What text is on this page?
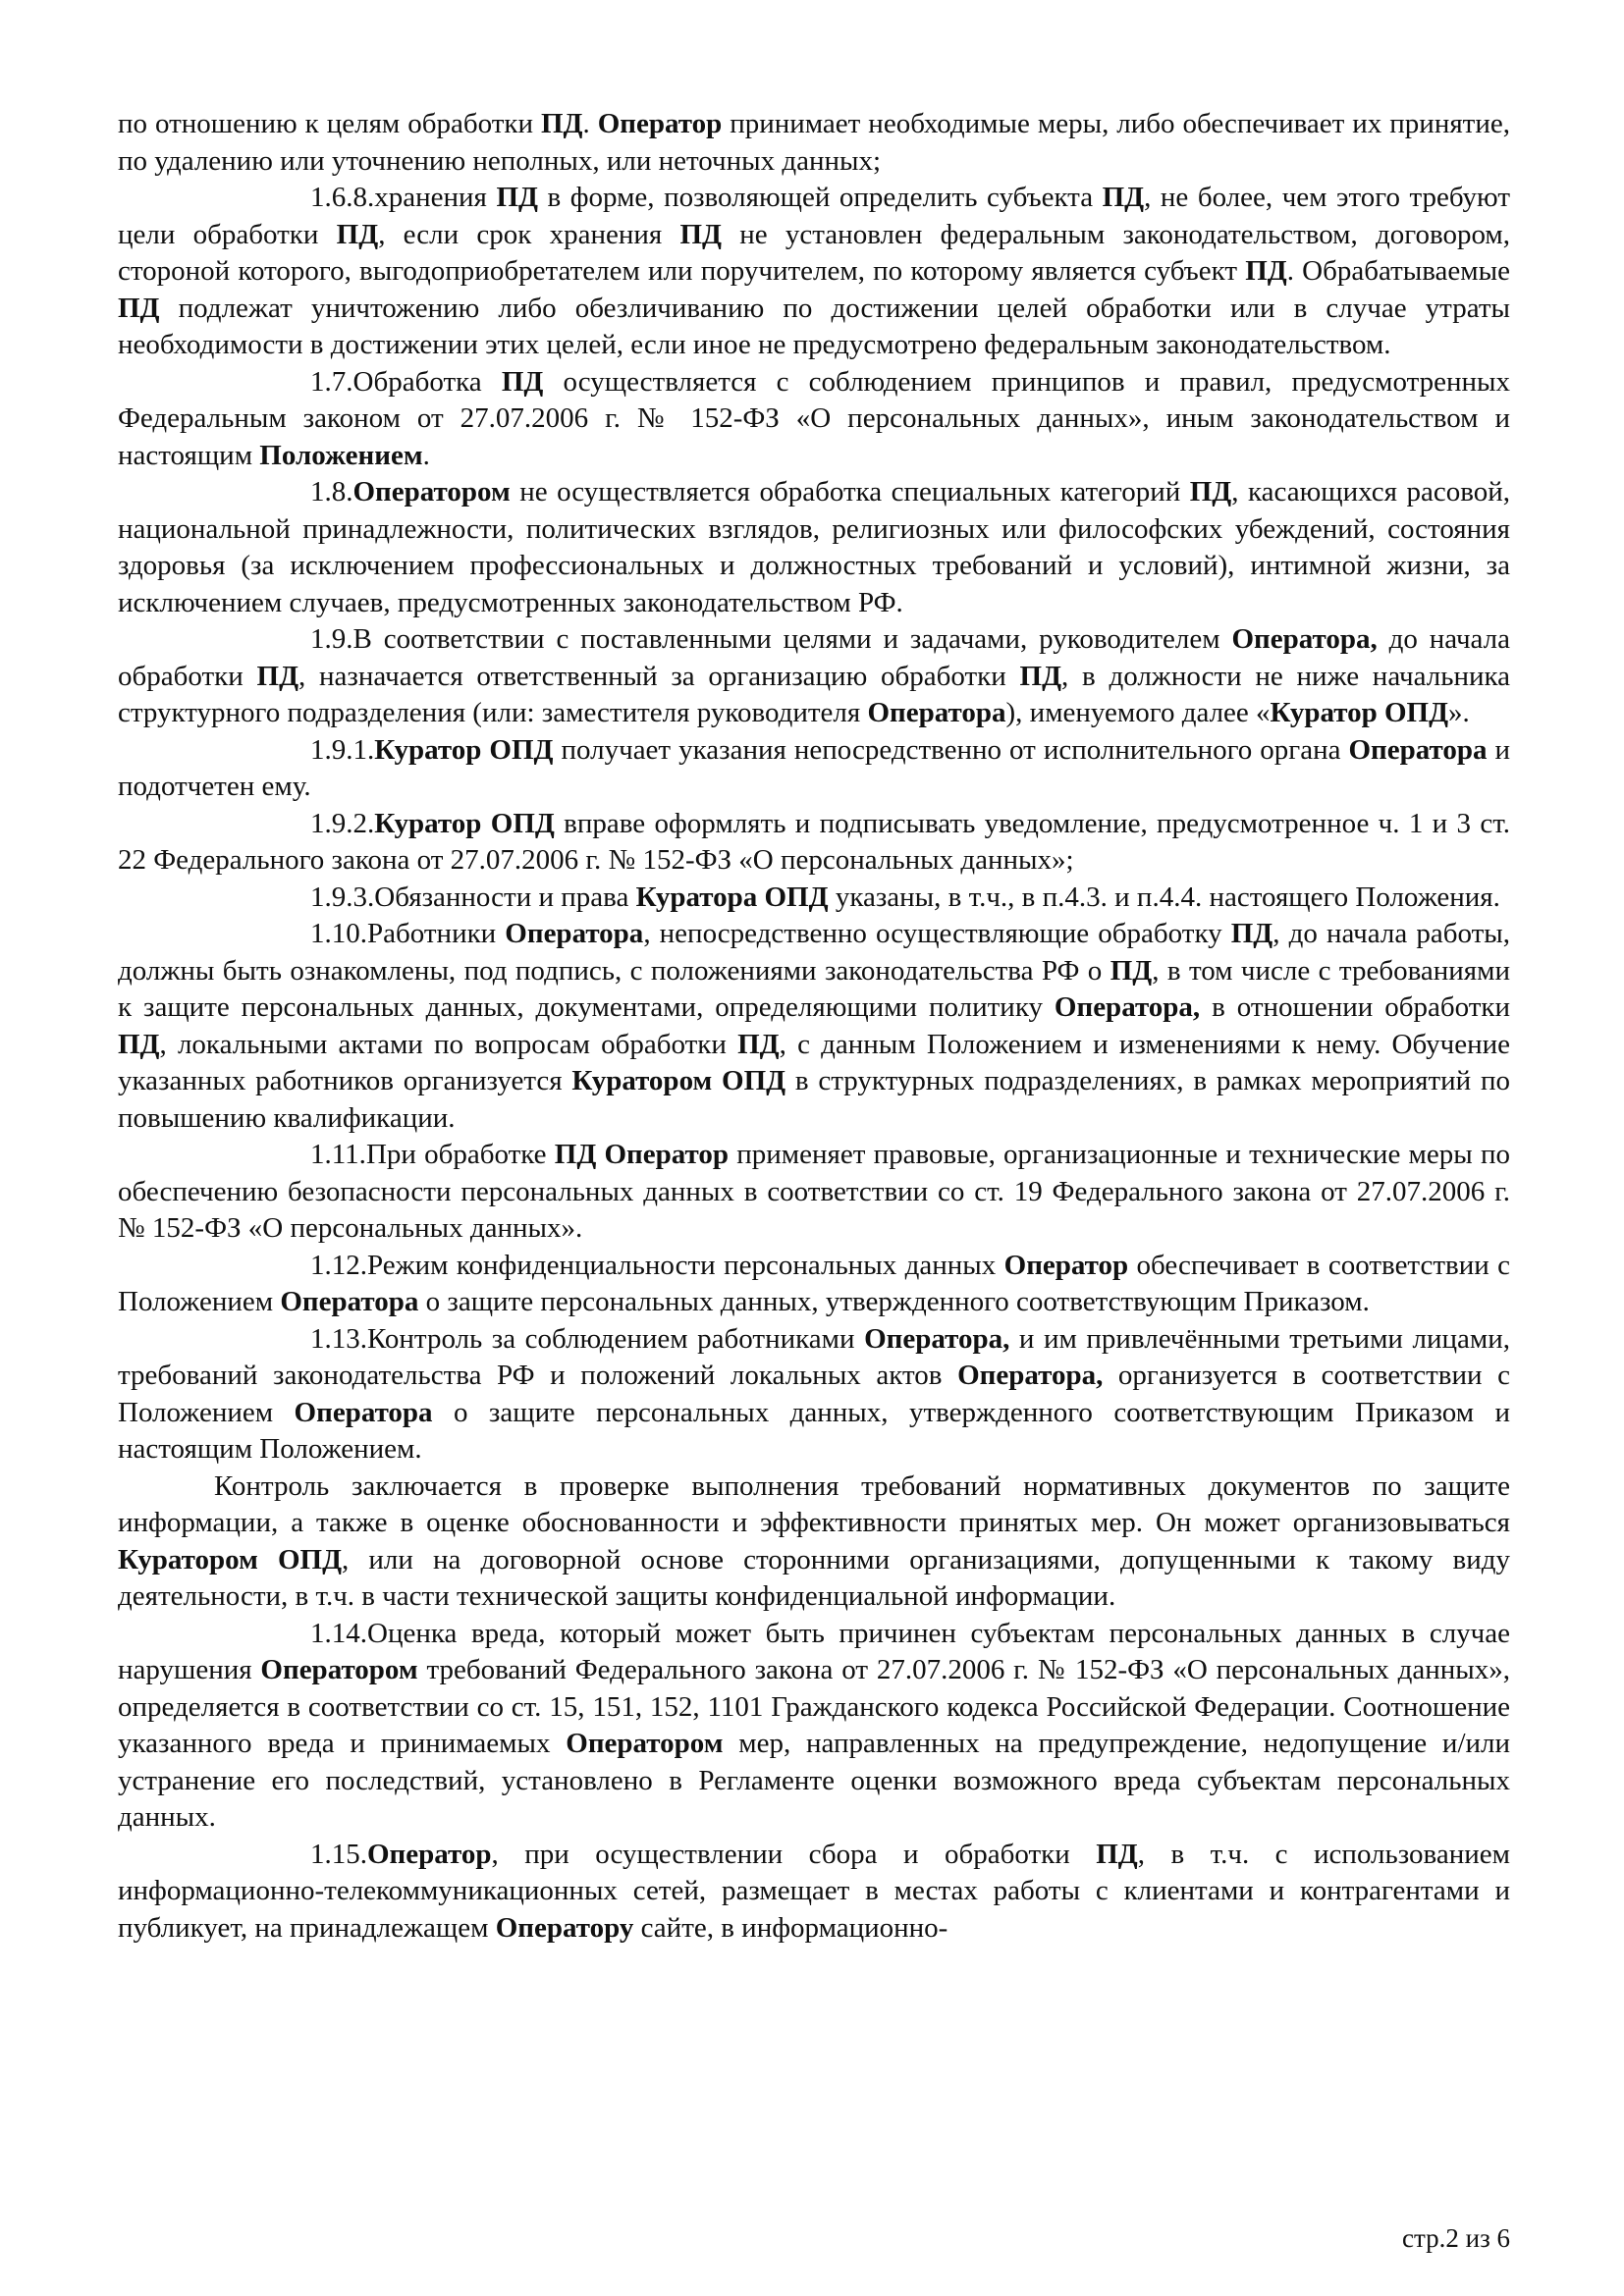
по отношению к целям обработки ПД. Оператор принимает необходимые меры, либо обеспечивает их принятие, по удалению или уточнению неполных, или неточных данных;

1.6.8.хранения ПД в форме, позволяющей определить субъекта ПД, не более, чем этого требуют цели обработки ПД, если срок хранения ПД не установлен федеральным законодательством, договором, стороной которого, выгодоприобретателем или поручителем, по которому является субъект ПД. Обрабатываемые ПД подлежат уничтожению либо обезличиванию по достижении целей обработки или в случае утраты необходимости в достижении этих целей, если иное не предусмотрено федеральным законодательством.

1.7.Обработка ПД осуществляется с соблюдением принципов и правил, предусмотренных Федеральным законом от 27.07.2006 г. № 152-ФЗ «О персональных данных», иным законодательством и настоящим Положением.

1.8.Оператором не осуществляется обработка специальных категорий ПД, касающихся расовой, национальной принадлежности, политических взглядов, религиозных или философских убеждений, состояния здоровья (за исключением профессиональных и должностных требований и условий), интимной жизни, за исключением случаев, предусмотренных законодательством РФ.

1.9.В соответствии с поставленными целями и задачами, руководителем Оператора, до начала обработки ПД, назначается ответственный за организацию обработки ПД, в должности не ниже начальника структурного подразделения (или: заместителя руководителя Оператора), именуемого далее «Куратор ОПД».

1.9.1.Куратор ОПД получает указания непосредственно от исполнительного органа Оператора и подотчетен ему.

1.9.2.Куратор ОПД вправе оформлять и подписывать уведомление, предусмотренное ч. 1 и 3 ст. 22 Федерального закона от 27.07.2006 г. № 152-ФЗ «О персональных данных»;

1.9.3.Обязанности и права Куратора ОПД указаны, в т.ч., в п.4.3. и п.4.4. настоящего Положения.

1.10.Работники Оператора, непосредственно осуществляющие обработку ПД, до начала работы, должны быть ознакомлены, под подпись, с положениями законодательства РФ о ПД, в том числе с требованиями к защите персональных данных, документами, определяющими политику Оператора, в отношении обработки ПД, локальными актами по вопросам обработки ПД, с данным Положением и изменениями к нему. Обучение указанных работников организуется Куратором ОПД в структурных подразделениях, в рамках мероприятий по повышению квалификации.

1.11.При обработке ПД Оператор применяет правовые, организационные и технические меры по обеспечению безопасности персональных данных в соответствии со ст. 19 Федерального закона от 27.07.2006 г. № 152-ФЗ «О персональных данных».

1.12.Режим конфиденциальности персональных данных Оператор обеспечивает в соответствии с Положением Оператора о защите персональных данных, утвержденного соответствующим Приказом.

1.13.Контроль за соблюдением работниками Оператора, и им привлечёнными третьими лицами, требований законодательства РФ и положений локальных актов Оператора, организуется в соответствии с Положением Оператора о защите персональных данных, утвержденного соответствующим Приказом и настоящим Положением.

Контроль заключается в проверке выполнения требований нормативных документов по защите информации, а также в оценке обоснованности и эффективности принятых мер. Он может организовываться Куратором ОПД, или на договорной основе сторонними организациями, допущенными к такому виду деятельности, в т.ч. в части технической защиты конфиденциальной информации.

1.14.Оценка вреда, который может быть причинен субъектам персональных данных в случае нарушения Оператором требований Федерального закона от 27.07.2006 г. № 152-ФЗ «О персональных данных», определяется в соответствии со ст. 15, 151, 152, 1101 Гражданского кодекса Российской Федерации. Соотношение указанного вреда и принимаемых Оператором мер, направленных на предупреждение, недопущение и/или устранение его последствий, установлено в Регламенте оценки возможного вреда субъектам персональных данных.

1.15.Оператор, при осуществлении сбора и обработки ПД, в т.ч. с использованием информационно-телекоммуникационных сетей, размещает в местах работы с клиентами и контрагентами и публикует, на принадлежащем Оператору сайте, в информационно-

стр.2 из 6
